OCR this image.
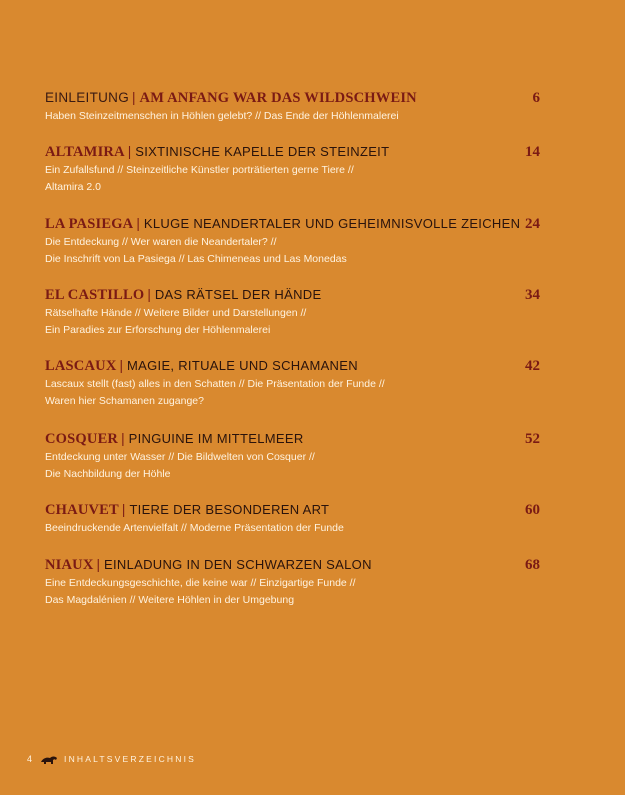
EINLEITUNG | AM ANFANG WAR DAS WILDSCHWEIN	6
Haben Steinzeitmenschen in Höhlen gelebt? // Das Ende der Höhlenmalerei
ALTAMIRA | SIXTINISCHE KAPELLE DER STEINZEIT	14
Ein Zufallsfund // Steinzeitliche Künstler porträtierten gerne Tiere //
Altamira 2.0
LA PASIEGA | KLUGE NEANDERTALER UND GEHEIMNISVOLLE ZEICHEN 24
Die Entdeckung // Wer waren die Neandertaler? //
Die Inschrift von La Pasiega // Las Chimeneas und Las Monedas
EL CASTILLO | DAS RÄTSEL DER HÄNDE	34
Rätselhafte Hände // Weitere Bilder und Darstellungen //
Ein Paradies zur Erforschung der Höhlenmalerei
LASCAUX | MAGIE, RITUALE UND SCHAMANEN	42
Lascaux stellt (fast) alles in den Schatten // Die Präsentation der Funde //
Waren hier Schamanen zugange?
COSQUER | PINGUINE IM MITTELMEER	52
Entdeckung unter Wasser // Die Bildwelten von Cosquer //
Die Nachbildung der Höhle
CHAUVET | TIERE DER BESONDEREN ART	60
Beeindruckende Artenvielfalt // Moderne Präsentation der Funde
NIAUX | EINLADUNG IN DEN SCHWARZEN SALON	68
Eine Entdeckungsgeschichte, die keine war // Einzigartige Funde //
Das Magdalénien // Weitere Höhlen in der Umgebung
4	INHALTSVERZEICHNIS
